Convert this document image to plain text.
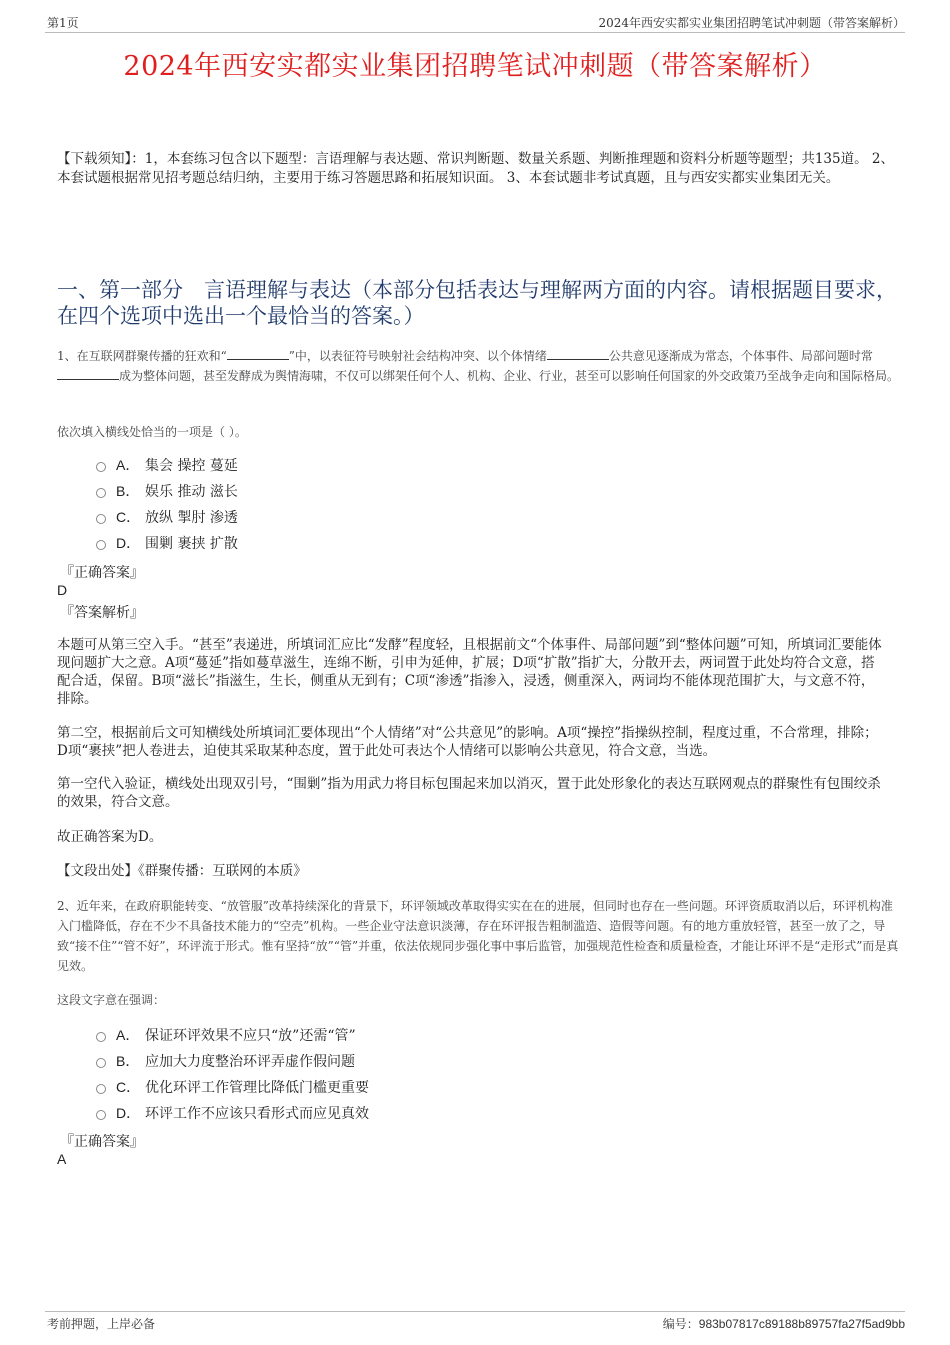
第1页	2024年西安实都实业集团招聘笔试冲刺题（带答案解析）
2024年西安实都实业集团招聘笔试冲刺题（带答案解析）
【下载须知】：1，本套练习包含以下题型：言语理解与表达题、常识判断题、数量关系题、判断推理题和资料分析题等题型；共135道。 2、本套试题根据常见招考题总结归纳，主要用于练习答题思路和拓展知识面。 3、本套试题非考试真题，且与西安实都实业集团无关。
一、第一部分　言语理解与表达（本部分包括表达与理解两方面的内容。请根据题目要求，在四个选项中选出一个最恰当的答案。）
1、在互联网群聚传播的狂欢和“	”中，以表征符号映射社会结构冲突、以个体情绪	公共意见逐渐成为常态，个体事件、局部问题时常成为整体问题，甚至发酵成为舆情海啸，不仅可以绑架任何个人、机构、企业、行业，甚至可以影响任何国家的外交政策乃至战争走向和国际格局。
依次填入横线处恰当的一项是（ ）。
A． 集会 操控 蔓延
B． 娱乐 推动 滋长
C． 放纵 掣肘 渗透
D． 围剿 裹挟 扩散
『正确答案』
D
『答案解析』
本题可从第三空入手。“甚至”表递进，所填词汇应比“发酵”程度轻，且根据前文“个体事件、局部问题”到“整体问题”可知，所填词汇要能体现问题扩大之意。A项“蔓延”指如蔓草滋生，连绵不断，引申为延伸，扩展；D项“扩散”指扩大，分散开去，两词置于此处均符合文意，搭配合适，保留。B项“滋长”指滋生，生长，侧重从无到有；C项“渗透”指渗入，浸透，侧重深入，两词均不能体现范围扩大，与文意不符，排除。
第二空，根据前后文可知横线处所填词汇要体现出“个人情绪”对“公共意见”的影响。A项“操控”指操纵控制，程度过重，不合常理，排除；D项“裹挟”把人卷进去，迫使其采取某种态度，置于此处可表达个人情绪可以影响公共意见，符合文意，当选。
第一空代入验证，横线处出现双引号，“围剿”指为用武力将目标包围起来加以消灭，置于此处形象化的表达互联网观点的群聚性有包围绞杀的效果，符合文意。
故正确答案为D。
【文段出处】《群聚传播：互联网的本质》
2、近年来，在政府职能转变、“放管服”改革持续深化的背景下，环评领域改革取得实实在在的进展，但同时也存在一些问题。环评资质取消以后，环评机构准入门槛降低，存在不少不具备技术能力的“空壳”机构。一些企业守法意识淡薄，存在环评报告粗制滥造、造假等问题。有的地方重放轻管，甚至一放了之，导致“接不住”“管不好”，环评流于形式。惟有坚持“放”“管”并重，依法依规同步强化事中事后监管，加强规范性检查和质量检查，才能让环评不是“走形式”而是真见效。
这段文字意在强调：
A． 保证环评效果不应只“放”还需“管”
B． 应加大力度整治环评弄虚作假问题
C． 优化环评工作管理比降低门槛更重要
D． 环评工作不应该只看形式而应见真效
『正确答案』
A
考前押题，上岸必备	编号：983b07817c89188b89757fa27f5ad9bb
